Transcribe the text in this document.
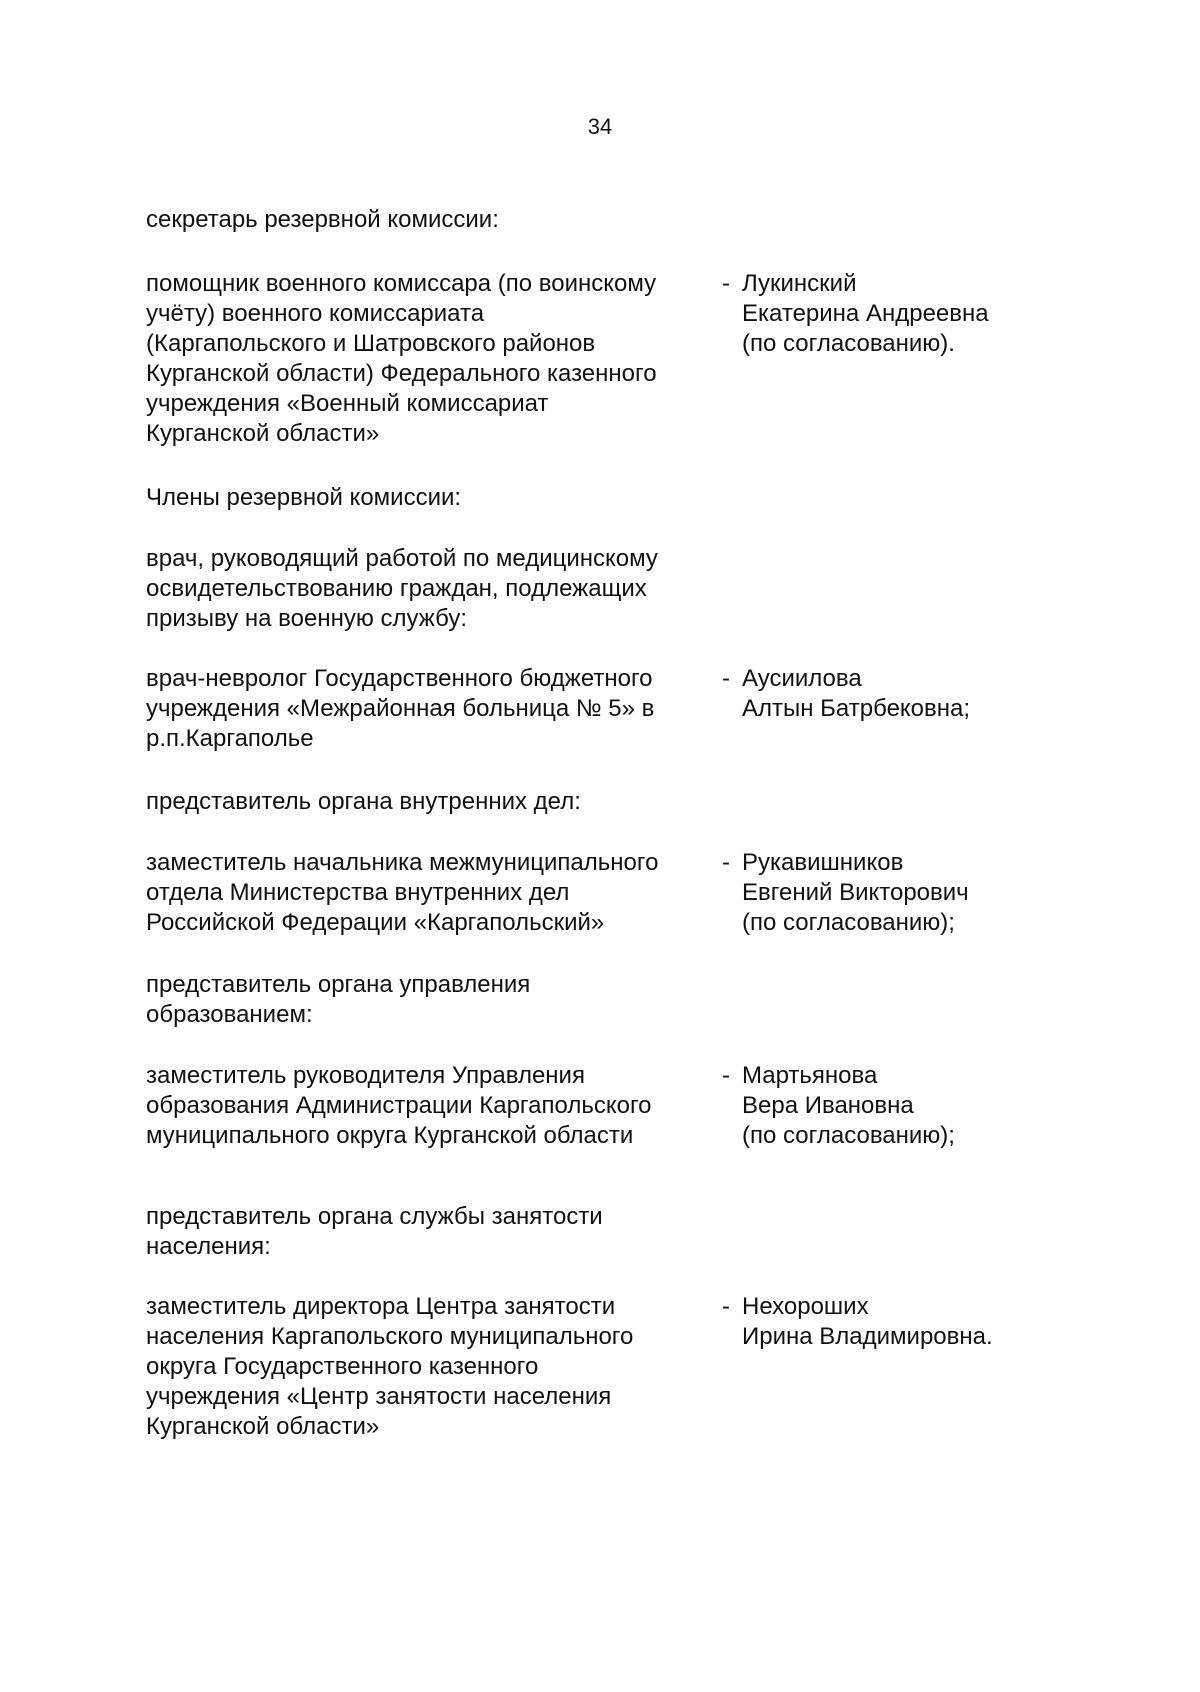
34
секретарь резервной комиссии:
помощник военного комиссара (по воинскому
учёту) военного комиссариата
(Каргапольского и Шатровского районов
Курганской области) Федерального казенного
учреждения «Военный комиссариат
Курганской области»
- Лукинский
Екатерина Андреевна
(по согласованию).
Члены резервной комиссии:
врач, руководящий работой по медицинскому
освидетельствованию граждан, подлежащих
призыву на военную службу:
врач-невролог Государственного бюджетного
учреждения «Межрайонная больница № 5» в
р.п.Каргаполье
- Аусиилова
Алтын Батрбековна;
представитель органа внутренних дел:
заместитель начальника межмуниципального
отдела Министерства внутренних дел
Российской Федерации «Каргапольский»
- Рукавишников
Евгений Викторович
(по согласованию);
представитель органа управления
образованием:
заместитель руководителя Управления
образования Администрации Каргапольского
муниципального округа Курганской области
- Мартьянова
Вера Ивановна
(по согласованию);
представитель органа службы занятости
населения:
заместитель директора Центра занятости
населения Каргапольского муниципального
округа Государственного казенного
учреждения «Центр занятости населения
Курганской области»
- Нехороших
Ирина Владимировна.
